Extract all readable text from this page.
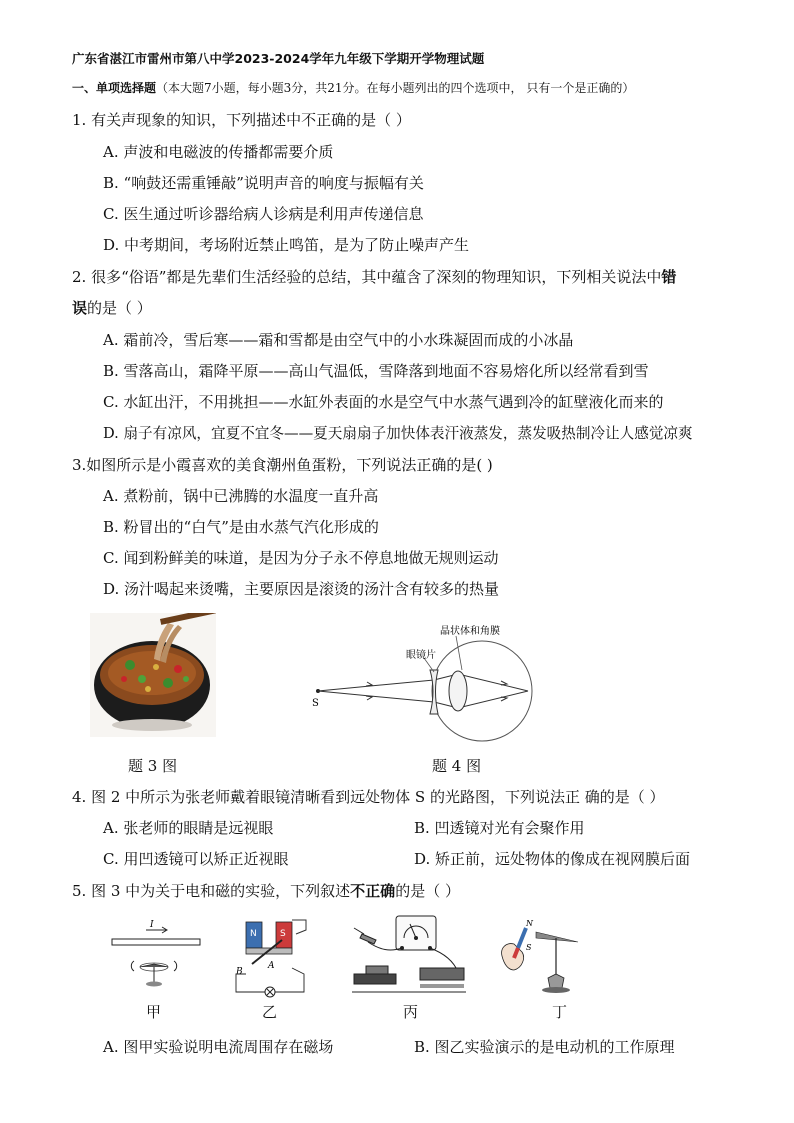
广东省湛江市雷州市第八中学2023-2024学年九年级下学期开学物理试题
一、单项选择题（本大题7小题，每小题3分，共21分。在每小题列出的四个选项中， 只有一个是正确的）
1. 有关声现象的知识，下列描述中不正确的是（ ）
A. 声波和电磁波的传播都需要介质
B. “响鼓还需重锤敲”说明声音的响度与振幅有关
C. 医生通过听诊器给病人诊病是利用声传递信息
D. 中考期间，考场附近禁止鸣笛，是为了防止噪声产生
2. 很多“俗语”都是先辈们生活经验的总结，其中蕴含了深刻的物理知识，下列相关说法中错
误的是（ ）
A. 霜前冷，雪后寒——霜和雪都是由空气中的小水珠凝固而成的小冰晶
B. 雪落高山，霜降平原——高山气温低，雪降落到地面不容易熔化所以经常看到雪
C. 水缸出汗，不用挑担——水缸外表面的水是空气中水蒸气遇到冷的缸壁液化而来的
D. 扇子有凉风，宜夏不宜冬——夏天扇扇子加快体表汗液蒸发，蒸发吸热制冷让人感觉凉爽
3.如图所示是小霞喜欢的美食潮州鱼蛋粉，下列说法正确的是( )
A. 煮粉前，锅中已沸腾的水温度一直升高
B. 粉冒出的“白气”是由水蒸气汽化形成的
C. 闻到粉鲜美的味道，是因为分子永不停息地做无规则运动
D. 汤汁喝起来烫嘴，主要原因是滚烫的汤汁含有较多的热量
S
眼镜片
晶状体和角膜
题 3 图	题 4 图
4. 图 2 中所示为张老师戴着眼镜清晰看到远处物体 S 的光路图，下列说法正 确的是（ ）
A. 张老师的眼睛是远视眼	B. 凹透镜对光有会聚作用
C. 用凹透镜可以矫正近视眼	D. 矫正前，远处物体的像成在视网膜后面
5. 图 3 中为关于电和磁的实验，下列叙述不正确的是（ ）
I
N	S
A
B
N
S
甲	乙	丙	丁
A. 图甲实验说明电流周围存在磁场	B. 图乙实验演示的是电动机的工作原理
